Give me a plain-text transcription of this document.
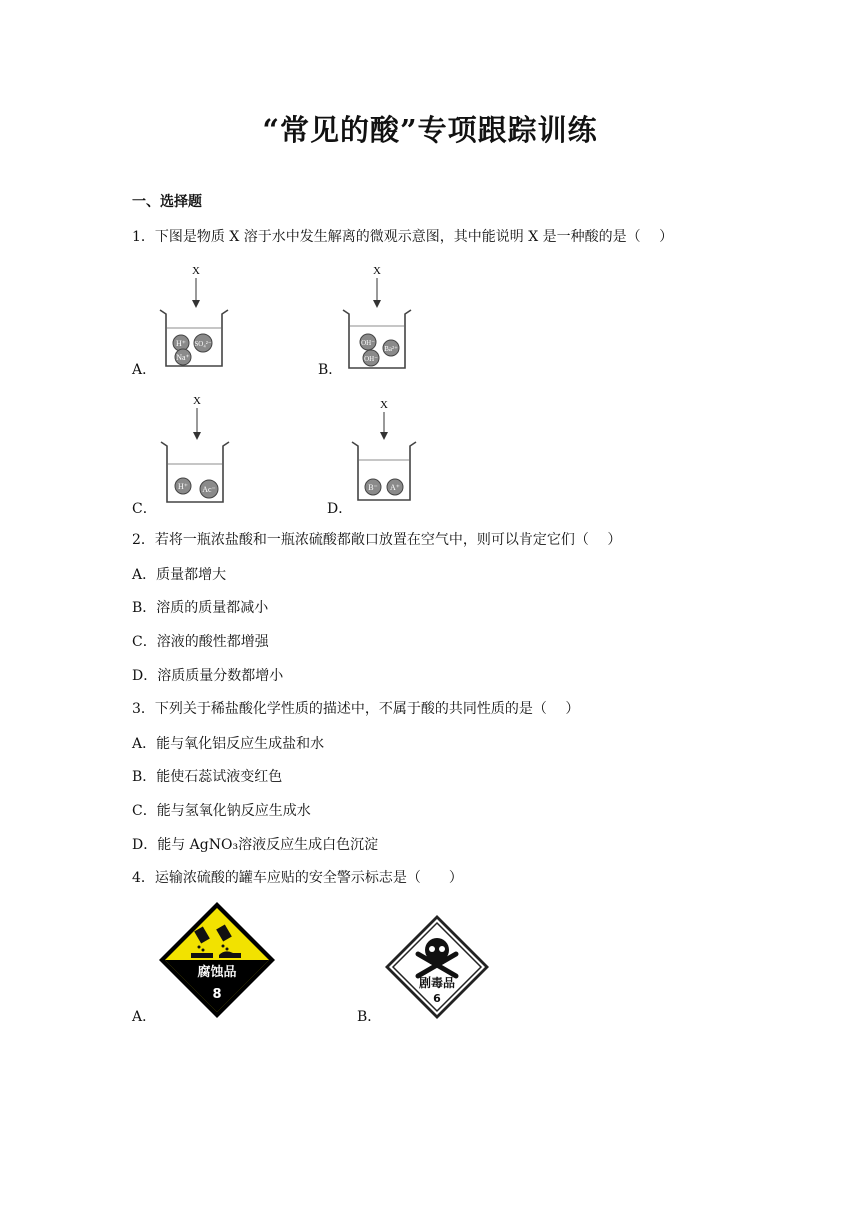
“常见的酸”专项跟踪训练
一、选择题
1．下图是物质 X 溶于水中发生解离的微观示意图，其中能说明 X 是一种酸的是（　 ）
A．
X
H⁺ SO₄²⁻
Na⁺
B．
X
OH⁻
Ba²⁺
OH⁻
C．
X
H⁺ Ac⁻
D．
X
B⁻ A⁺
2．若将一瓶浓盐酸和一瓶浓硫酸都敞口放置在空气中，则可以肯定它们（　 ）
A．质量都增大
B．溶质的质量都减小
C．溶液的酸性都增强
D．溶质质量分数都增小
3．下列关于稀盐酸化学性质的描述中，不属于酸的共同性质的是（　 ）
A．能与氧化铝反应生成盐和水
B．能使石蕊试液变红色
C．能与氢氧化钠反应生成水
D．能与 AgNO₃溶液反应生成白色沉淀
4．运输浓硫酸的罐车应贴的安全警示标志是（　　）
A．
腐蚀品
8
B．
剧毒品
6
